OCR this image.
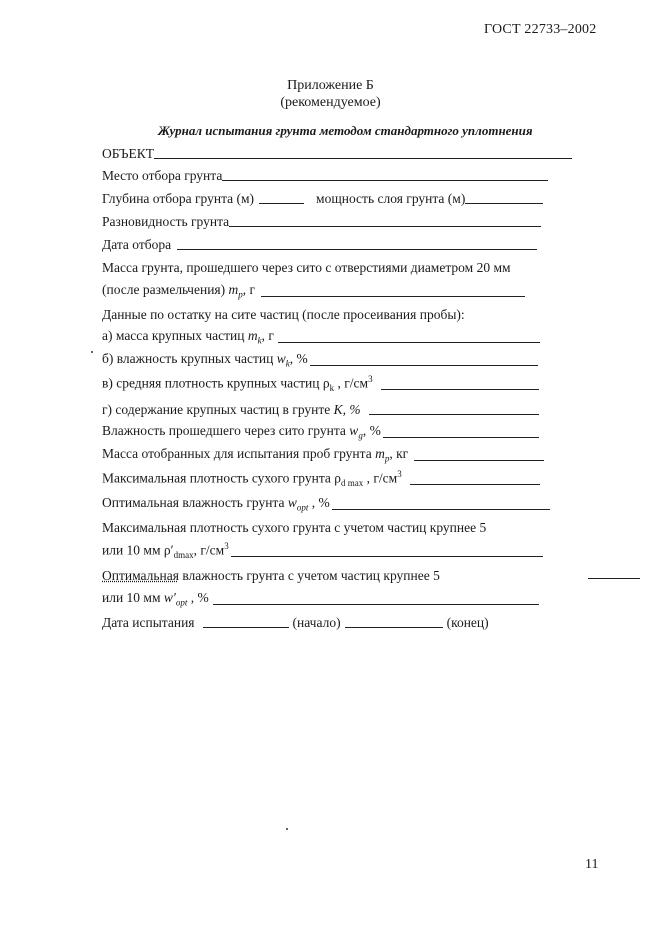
ГОСТ 22733–2002
Приложение Б
(рекомендуемое)
Журнал испытания грунта методом стандартного уплотнения
ОБЪЕКТ
Место отбора грунта
Глубина отбора грунта (м)	мощность слоя грунта (м)
Разновидность грунта
Дата отбора
Масса грунта, прошедшего через сито с отверстиями диаметром 20 мм
(после размельчения) $m_p$, г
Данные по остатку на сите частиц (после просеивания пробы):
а) масса крупных частиц $m_k$, г
б) влажность крупных частиц $w_k$, %
в) средняя плотность крупных частиц $\rho_k$ , $г/см^3$
г) содержание крупных частиц в грунте K, %
Влажность прошедшего через сито грунта $w_g$, %
Масса отобранных для испытания проб грунта $m_p$, кг
Максимальная плотность сухого грунта $\rho_{d max}$ , $г/см^3$
Оптимальная влажность грунта $w_{opt}$ , %
Максимальная плотность сухого грунта с учетом частиц крупнее 5
или 10 мм $\rho'_{dmax}$, $г/см^3$
Оптимальная влажность грунта с учетом частиц крупнее 5
или 10 мм $w'_{opt}$ , %
Дата испытания	(начало)	(конец)
11
